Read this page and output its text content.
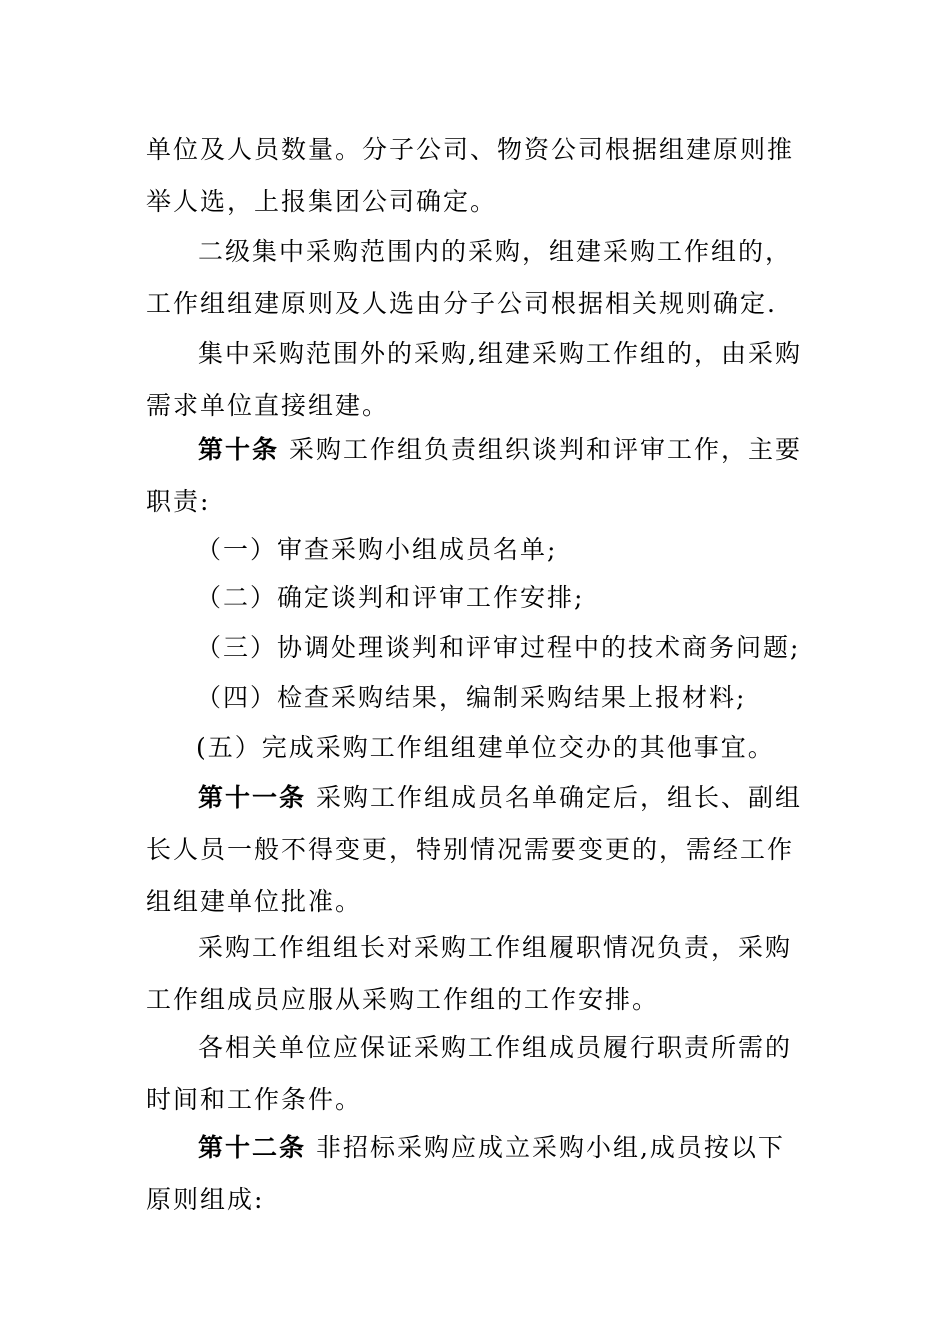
单位及人员数量。分子公司、物资公司根据组建原则推举人选，上报集团公司确定。

二级集中采购范围内的采购，组建采购工作组的，工作组组建原则及人选由分子公司根据相关规则确定.

集中采购范围外的采购,组建采购工作组的，由采购需求单位直接组建。

第十条 采购工作组负责组织谈判和评审工作，主要职责:

（一）审查采购小组成员名单;

（二）确定谈判和评审工作安排;

（三）协调处理谈判和评审过程中的技术商务问题;

（四）检查采购结果，编制采购结果上报材料;

(五）完成采购工作组组建单位交办的其他事宜。

第十一条 采购工作组成员名单确定后，组长、副组长人员一般不得变更，特别情况需要变更的，需经工作组组建单位批准。

采购工作组组长对采购工作组履职情况负责，采购工作组成员应服从采购工作组的工作安排。

各相关单位应保证采购工作组成员履行职责所需的时间和工作条件。

第十二条 非招标采购应成立采购小组,成员按以下原则组成:
